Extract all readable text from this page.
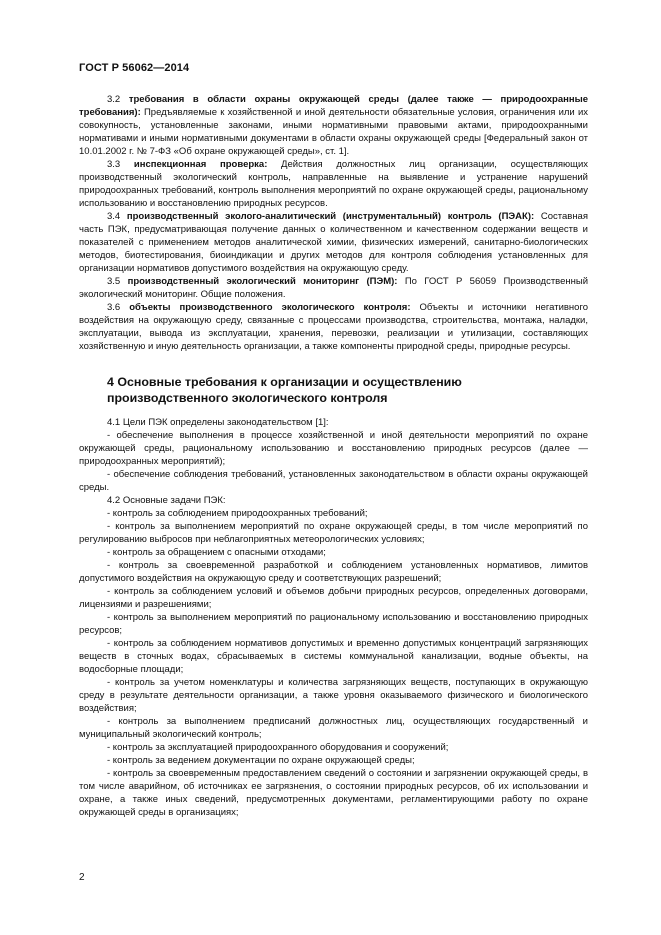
ГОСТ Р 56062—2014

3.2 требования в области охраны окружающей среды (далее также — природоохранные требования): Предъявляемые к хозяйственной и иной деятельности обязательные условия, ограничения или их совокупность, установленные законами, иными нормативными правовыми актами, природоохранными нормативами и иными нормативными документами в области охраны окружающей среды [Федеральный закон от 10.01.2002 г. № 7-ФЗ «Об охране окружающей среды», ст. 1].

3.3 инспекционная проверка: Действия должностных лиц организации, осуществляющих производственный экологический контроль, направленные на выявление и устранение нарушений природоохранных требований, контроль выполнения мероприятий по охране окружающей среды, рациональному использованию и восстановлению природных ресурсов.

3.4 производственный эколого-аналитический (инструментальный) контроль (ПЭАК): Составная часть ПЭК, предусматривающая получение данных о количественном и качественном содержании веществ и показателей с применением методов аналитической химии, физических измерений, санитарно-биологических методов, биотестирования, биоиндикации и других методов для контроля соблюдения установленных для организации нормативов допустимого воздействия на окружающую среду.

3.5 производственный экологический мониторинг (ПЭМ): По ГОСТ Р 56059 Производственный экологический мониторинг. Общие положения.

3.6 объекты производственного экологического контроля: Объекты и источники негативного воздействия на окружающую среду, связанные с процессами производства, строительства, монтажа, наладки, эксплуатации, вывода из эксплуатации, хранения, перевозки, реализации и утилизации, составляющих хозяйственную и иную деятельность организации, а также компоненты природной среды, природные ресурсы.

4 Основные требования к организации и осуществлению
производственного экологического контроля

4.1 Цели ПЭК определены законодательством [1]:

- обеспечение выполнения в процессе хозяйственной и иной деятельности мероприятий по охране окружающей среды, рациональному использованию и восстановлению природных ресурсов (далее — природоохранных мероприятий);

- обеспечение соблюдения требований, установленных законодательством в области охраны окружающей среды.

4.2 Основные задачи ПЭК:

- контроль за соблюдением природоохранных требований;

- контроль за выполнением мероприятий по охране окружающей среды, в том числе мероприятий по регулированию выбросов при неблагоприятных метеорологических условиях;

- контроль за обращением с опасными отходами;

- контроль за своевременной разработкой и соблюдением установленных нормативов, лимитов допустимого воздействия на окружающую среду и соответствующих разрешений;

- контроль за соблюдением условий и объемов добычи природных ресурсов, определенных договорами, лицензиями и разрешениями;

- контроль за выполнением мероприятий по рациональному использованию и восстановлению природных ресурсов;

- контроль за соблюдением нормативов допустимых и временно допустимых концентраций загрязняющих веществ в сточных водах, сбрасываемых в системы коммунальной канализации, водные объекты, на водосборные площади;

- контроль за учетом номенклатуры и количества загрязняющих веществ, поступающих в окружающую среду в результате деятельности организации, а также уровня оказываемого физического и биологического воздействия;

- контроль за выполнением предписаний должностных лиц, осуществляющих государственный и муниципальный экологический контроль;

- контроль за эксплуатацией природоохранного оборудования и сооружений;

- контроль за ведением документации по охране окружающей среды;

- контроль за своевременным предоставлением сведений о состоянии и загрязнении окружающей среды, в том числе аварийном, об источниках ее загрязнения, о состоянии природных ресурсов, об их использовании и охране, а также иных сведений, предусмотренных документами, регламентирующими работу по охране окружающей среды в организациях;

2
